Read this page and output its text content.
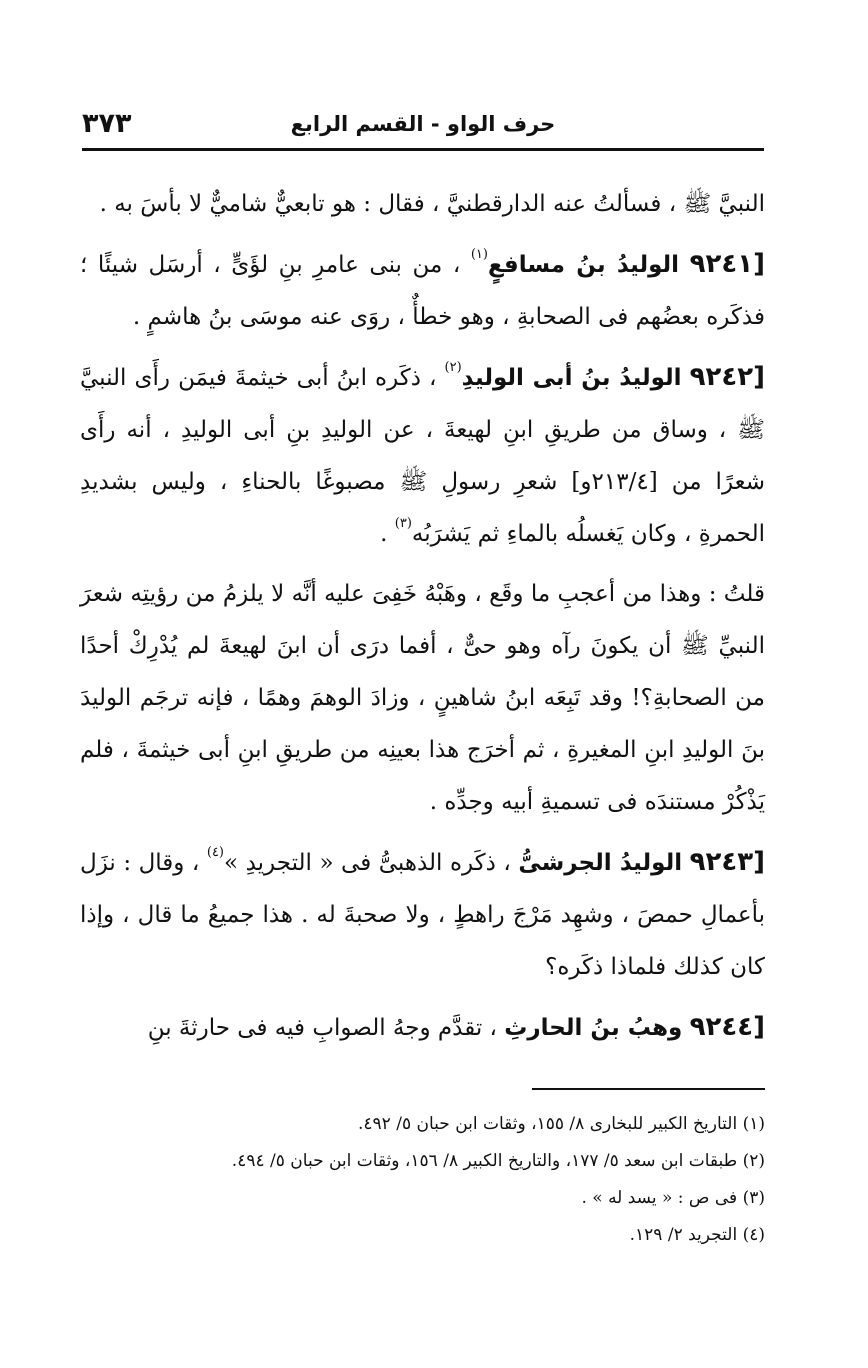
٣٧٣	حرف الواو - القسم الرابع

النبيَّ ﷺ ، فسألتُ عنه الدارقطنيَّ ، فقال : هو تابعيٌّ شاميٌّ لا بأسَ به .

[٩٢٤١ الوليدُ بنُ مسافعٍ$^{(١)}$ ، من بنى عامرِ بنِ لؤَىٍّ ، أرسَل شيئًا ؛ فذكَره بعضُهم فى الصحابةِ ، وهو خطأٌ ، روَى عنه موسَى بنُ هاشمٍ .

[٩٢٤٢ الوليدُ بنُ أبى الوليدِ$^{(٢)}$ ، ذكَره ابنُ أبى خيثمةَ فيمَن رأَى النبيَّ ﷺ ، وساق من طريقِ ابنِ لهيعةَ ، عن الوليدِ بنِ أبى الوليدِ ، أنه رأَى شعرًا من [٢١٣/٤و] شعرِ رسولِ ﷺ مصبوغًا بالحناءِ ، وليس بشديدِ الحمرةِ ، وكان يَغسلُه بالماءِ ثم يَشرَبُه$^{(٣)}$ .

قلتُ : وهذا من أعجبِ ما وقَع ، وهَبْهُ خَفِىَ عليه أنَّه لا يلزمُ من رؤيتِه شعرَ النبيِّ ﷺ أن يكونَ رآه وهو حىٌّ ، أفما درَى أن ابنَ لهيعةَ لم يُدْرِكْ أحدًا من الصحابةِ؟! وقد تَبِعَه ابنُ شاهينٍ ، وزادَ الوهمَ وهمًا ، فإنه ترجَم الوليدَ بنَ الوليدِ ابنِ المغيرةِ ، ثم أخرَج هذا بعينِه من طريقِ ابنِ أبى خيثمةَ ، فلم يَذْكُرْ مستندَه فى تسميةِ أبيه وجدِّه .

[٩٢٤٣ الوليدُ الجرشىُّ ، ذكَره الذهبىُّ فى « التجريدِ »$^{(٤)}$ ، وقال : نزَل بأعمالِ حمصَ ، وشهِد مَرْجَ راهطٍ ، ولا صحبةَ له . هذا جميعُ ما قال ، وإذا كان كذلك فلماذا ذكَره؟

[٩٢٤٤ وهبُ بنُ الحارثِ ، تقدَّم وجهُ الصوابِ فيه فى حارثةَ بنِ

(١) التاريخ الكبير للبخارى ٨/ ١٥٥، وثقات ابن حبان ٥/ ٤٩٢.
(٢) طبقات ابن سعد ٥/ ١٧٧، والتاريخ الكبير ٨/ ١٥٦، وثقات ابن حبان ٥/ ٤٩٤.
(٣) فى ص : « يسد له » .
(٤) التجريد ٢/ ١٢٩.
